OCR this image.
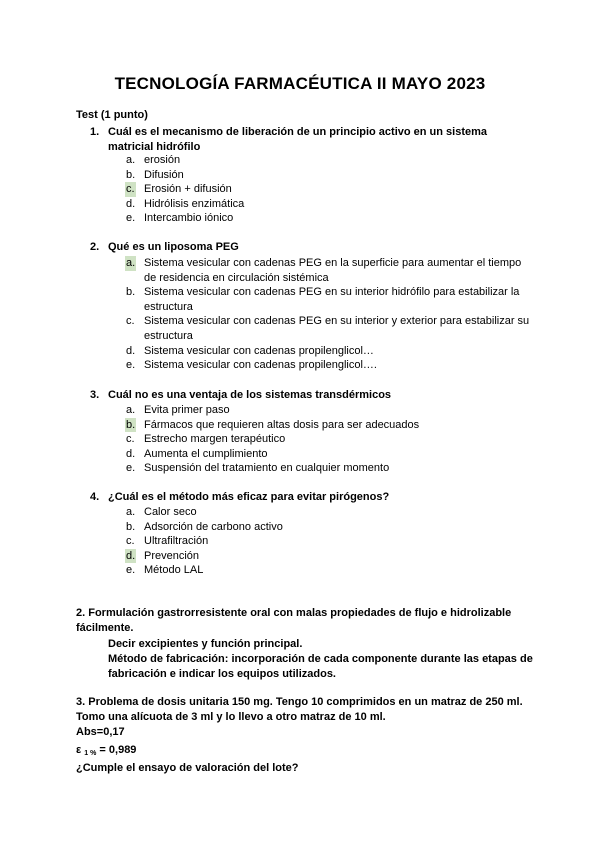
TECNOLOGÍA FARMACÉUTICA II MAYO 2023
Test (1 punto)
1. Cuál es el mecanismo de liberación de un principio activo en un sistema matricial hidrófilo
a. erosión
b. Difusión
c. Erosión + difusión
d. Hidrólisis enzimática
e. Intercambio iónico
2. Qué es un liposoma PEG
a. Sistema vesicular con cadenas PEG en la superficie para aumentar el tiempo de residencia en circulación sistémica
b. Sistema vesicular con cadenas PEG en su interior hidrófilo para estabilizar la estructura
c. Sistema vesicular con cadenas PEG en su interior y exterior para estabilizar su estructura
d. Sistema vesicular con cadenas propilenglicol…
e. Sistema vesicular con cadenas propilenglicol….
3. Cuál no es una ventaja de los sistemas transdérmicos
a. Evita primer paso
b. Fármacos que requieren altas dosis para ser adecuados
c. Estrecho margen terapéutico
d. Aumenta el cumplimiento
e. Suspensión del tratamiento en cualquier momento
4. ¿Cuál es el método más eficaz para evitar pirógenos?
a. Calor seco
b. Adsorción de carbono activo
c. Ultrafiltración
d. Prevención
e. Método LAL
2. Formulación gastrorresistente oral con malas propiedades de flujo e hidrolizable fácilmente.
Decir excipientes y función principal.
Método de fabricación: incorporación de cada componente durante las etapas de fabricación e indicar los equipos utilizados.
3. Problema de dosis unitaria 150 mg. Tengo 10 comprimidos en un matraz de 250 ml. Tomo una alícuota de 3 ml y lo llevo a otro matraz de 10 ml.
Abs=0,17
ε $_{1 \%}$ = 0,989
¿Cumple el ensayo de valoración del lote?
